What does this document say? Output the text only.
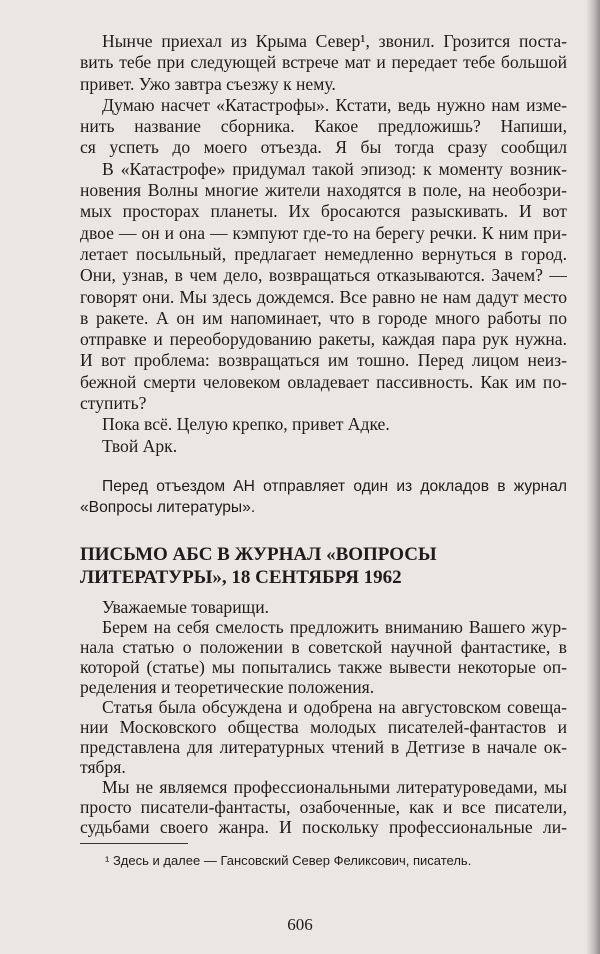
Нынче приехал из Крыма Север¹, звонил. Грозится поста-
вить тебе при следующей встрече мат и передает тебе большой
привет. Ужо завтра съезжу к нему.
Думаю насчет «Катастрофы». Кстати, ведь нужно нам изме-
нить название сборника. Какое предложишь? Напиши,
ся успеть до моего отъезда. Я бы тогда сразу сообщил
В «Катастрофе» придумал такой эпизод: к моменту возник-
новения Волны многие жители находятся в поле, на необозри-
мых просторах планеты. Их бросаются разыскивать. И вот
двое — он и она — кэмпуют где-то на берегу речки. К ним при-
летает посыльный, предлагает немедленно вернуться в город.
Они, узнав, в чем дело, возвращаться отказываются. Зачем? —
говорят они. Мы здесь дождемся. Все равно не нам дадут место
в ракете. А он им напоминает, что в городе много работы по
отправке и переоборудованию ракеты, каждая пара рук нужна.
И вот проблема: возвращаться им тошно. Перед лицом неиз-
бежной смерти человеком овладевает пассивность. Как им по-
ступить?
Пока всё. Целую крепко, привет Адке.
Твой Арк.
Перед отъездом АН отправляет один из докладов в журнал
«Вопросы литературы».
ПИСЬМО АБС В ЖУРНАЛ «ВОПРОСЫ
ЛИТЕРАТУРЫ», 18 СЕНТЯБРЯ 1962
Уважаемые товарищи.
Берем на себя смелость предложить вниманию Вашего жур-
нала статью о положении в советской научной фантастике, в
которой (статье) мы попытались также вывести некоторые оп-
ределения и теоретические положения.
Статья была обсуждена и одобрена на августовском совеща-
нии Московского общества молодых писателей-фантастов и
представлена для литературных чтений в Детгизе в начале ок-
тября.
Мы не являемся профессиональными литературоведами, мы
просто писатели-фантасты, озабоченные, как и все писатели,
судьбами своего жанра. И поскольку профессиональные ли-
¹ Здесь и далее — Гансовский Север Феликсович, писатель.
606
